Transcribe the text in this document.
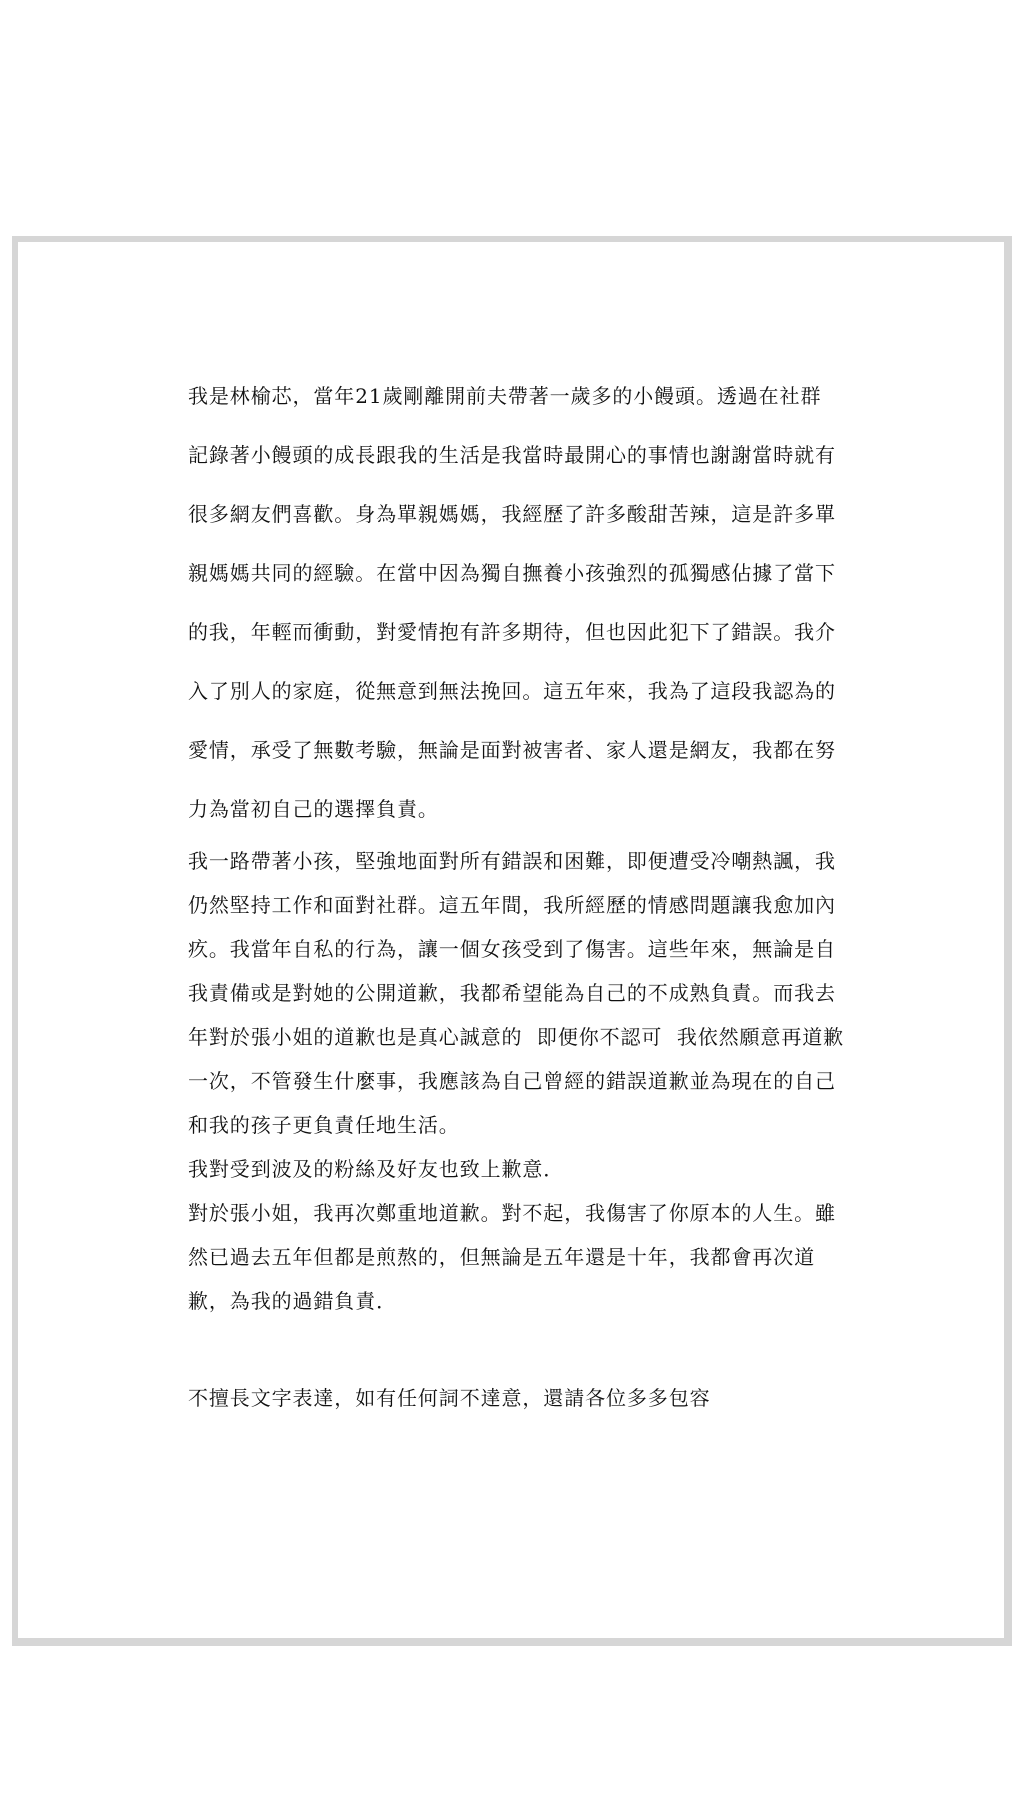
我是林榆芯，當年21歲剛離開前夫帶著一歲多的小饅頭。透過在社群

記錄著小饅頭的成長跟我的生活是我當時最開心的事情也謝謝當時就有

很多網友們喜歡。身為單親媽媽，我經歷了許多酸甜苦辣，這是許多單

親媽媽共同的經驗。在當中因為獨自撫養小孩強烈的孤獨感佔據了當下

的我，年輕而衝動，對愛情抱有許多期待，但也因此犯下了錯誤。我介

入了別人的家庭，從無意到無法挽回。這五年來，我為了這段我認為的

愛情，承受了無數考驗，無論是面對被害者、家人還是網友，我都在努

力為當初自己的選擇負責。

我一路帶著小孩，堅強地面對所有錯誤和困難，即便遭受冷嘲熱諷，我

仍然堅持工作和面對社群。這五年間，我所經歷的情感問題讓我愈加內

疚。我當年自私的行為，讓一個女孩受到了傷害。這些年來，無論是自

我責備或是對她的公開道歉，我都希望能為自己的不成熟負責。而我去

年對於張小姐的道歉也是真心誠意的  即便你不認可  我依然願意再道歉

一次，不管發生什麼事，我應該為自己曾經的錯誤道歉並為現在的自己

和我的孩子更負責任地生活。

我對受到波及的粉絲及好友也致上歉意．

對於張小姐，我再次鄭重地道歉。對不起，我傷害了你原本的人生。雖

然已過去五年但都是煎熬的，但無論是五年還是十年，我都會再次道

歉，為我的過錯負責．

不擅長文字表達，如有任何詞不達意，還請各位多多包容
